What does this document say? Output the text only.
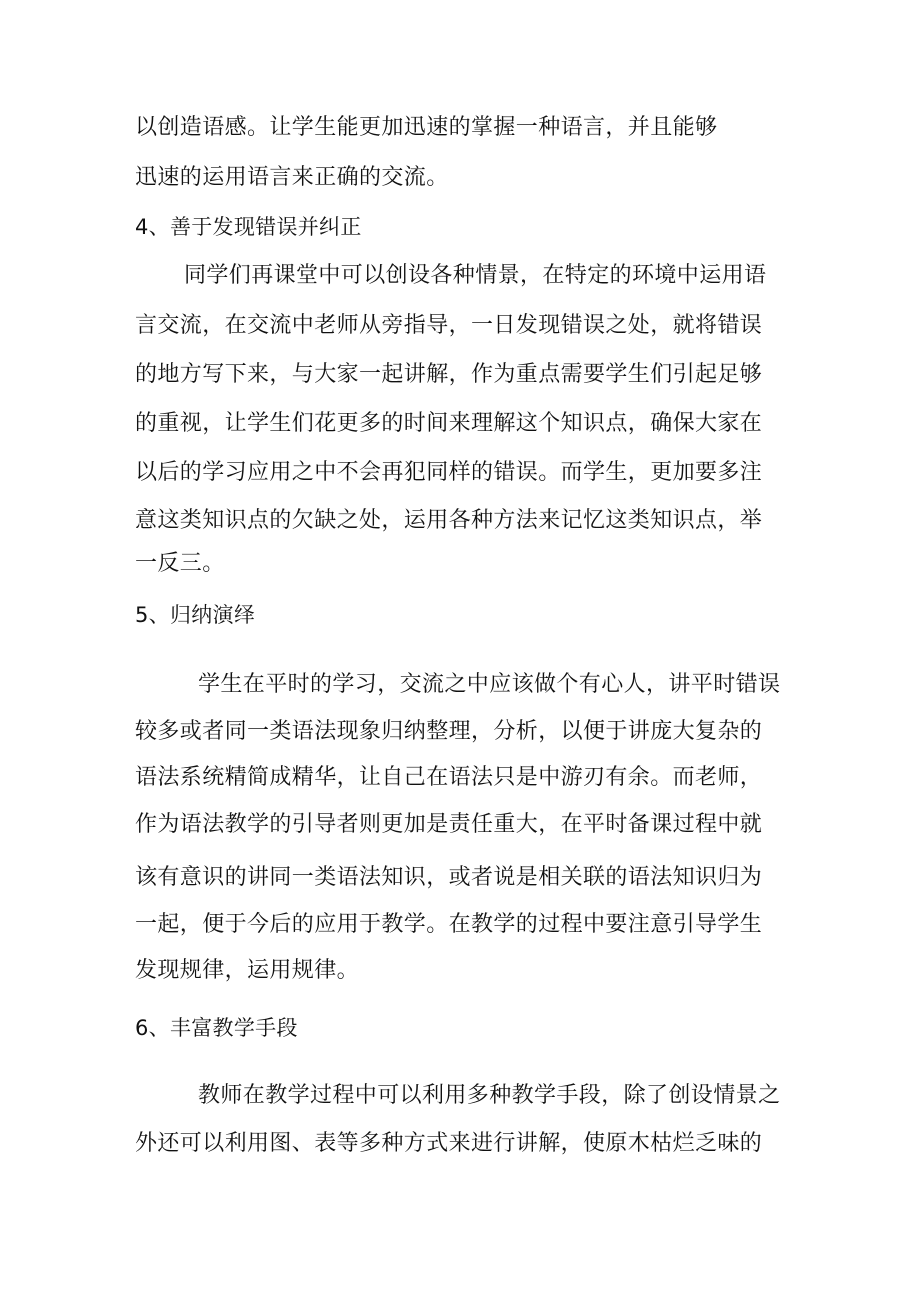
以创造语感。让学生能更加迅速的掌握一种语言，并且能够
迅速的运用语言来正确的交流。
4、善于发现错误并纠正
同学们再课堂中可以创设各种情景，在特定的环境中运用语
言交流，在交流中老师从旁指导，一日发现错误之处，就将错误
的地方写下来，与大家一起讲解，作为重点需要学生们引起足够
的重视，让学生们花更多的时间来理解这个知识点，确保大家在
以后的学习应用之中不会再犯同样的错误。而学生，更加要多注
意这类知识点的欠缺之处，运用各种方法来记忆这类知识点，举
一反三。
5、归纳演绎
学生在平时的学习，交流之中应该做个有心人，讲平时错误
较多或者同一类语法现象归纳整理，分析，以便于讲庞大复杂的
语法系统精简成精华，让自己在语法只是中游刃有余。而老师，
作为语法教学的引导者则更加是责任重大，在平时备课过程中就
该有意识的讲同一类语法知识，或者说是相关联的语法知识归为
一起，便于今后的应用于教学。在教学的过程中要注意引导学生
发现规律，运用规律。
6、丰富教学手段
教师在教学过程中可以利用多种教学手段，除了创设情景之
外还可以利用图、表等多种方式来进行讲解，使原木枯烂乏味的
